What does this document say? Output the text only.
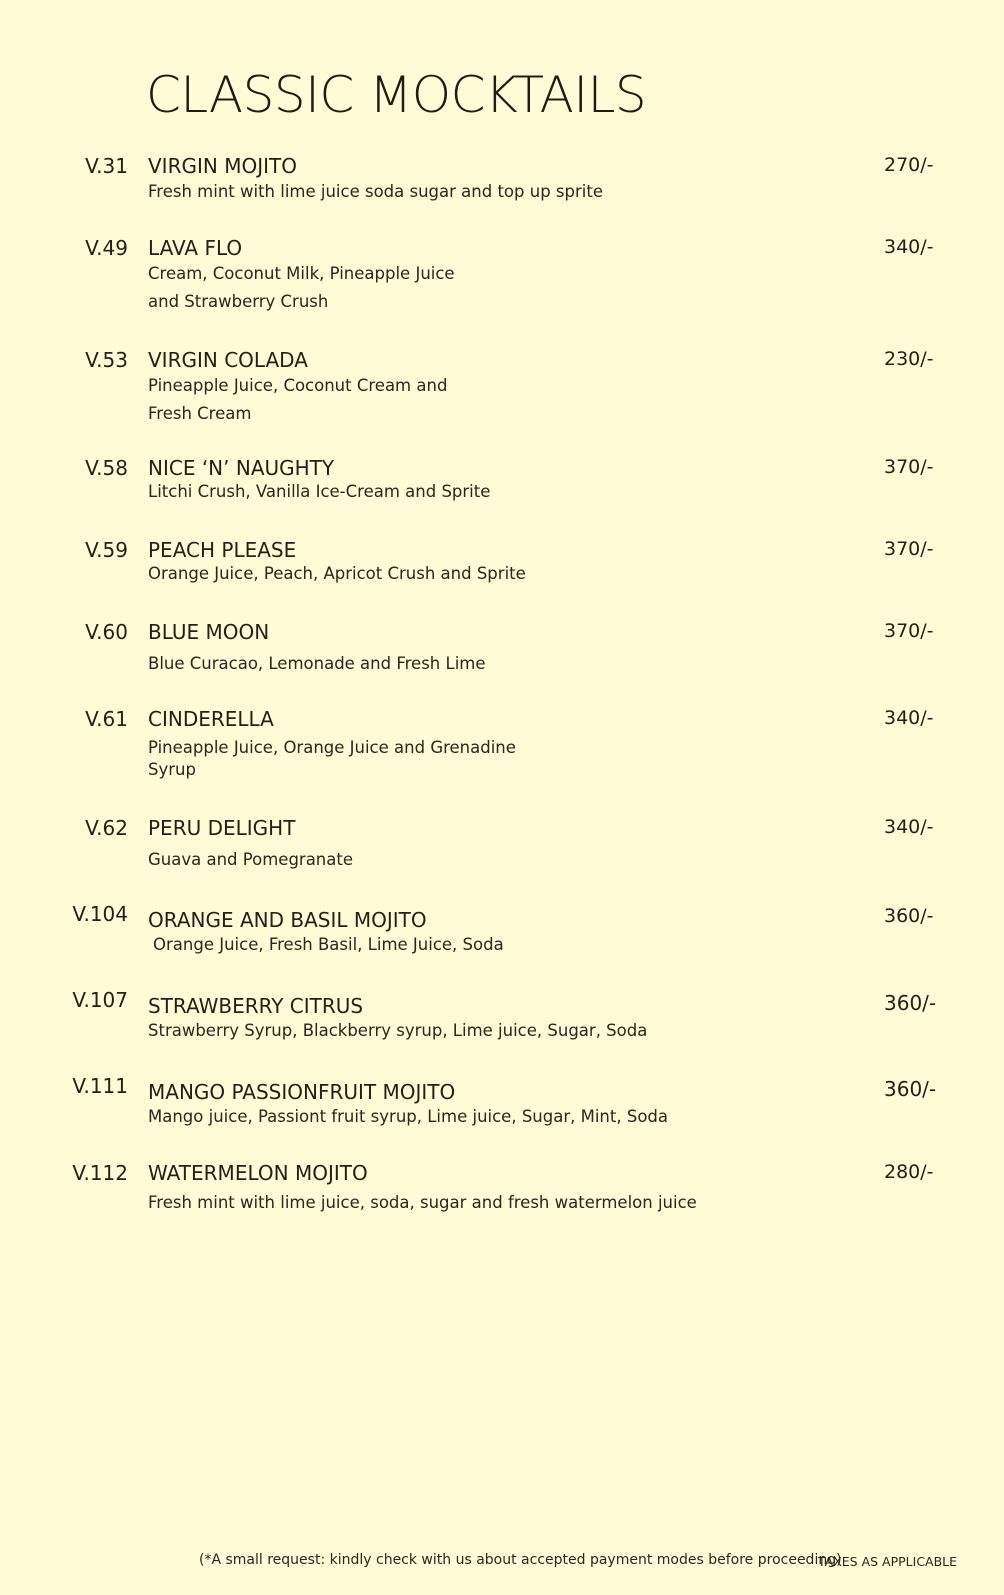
CLASSIC MOCKTAILS
V.31 VIRGIN MOJITO	270/-
Fresh mint with lime juice soda sugar and top up sprite
V.49 LAVA FLO	340/-
Cream, Coconut Milk, Pineapple Juice
and Strawberry Crush
V.53 VIRGIN COLADA	230/-
Pineapple Juice, Coconut Cream and
Fresh Cream
V.58 NICE ‘N’ NAUGHTY	370/-
Litchi Crush, Vanilla Ice-Cream and Sprite
V.59 PEACH PLEASE	370/-
Orange Juice, Peach, Apricot Crush and Sprite
V.60 BLUE MOON	370/-
Blue Curacao, Lemonade and Fresh Lime
V.61 CINDERELLA	340/-
Pineapple Juice, Orange Juice and Grenadine
Syrup
V.62 PERU DELIGHT	340/-
Guava and Pomegranate
V.104 ORANGE AND BASIL MOJITO	360/-
Orange Juice, Fresh Basil, Lime Juice, Soda
V.107 STRAWBERRY CITRUS	360/-
Strawberry Syrup, Blackberry syrup, Lime juice, Sugar, Soda
V.111 MANGO PASSIONFRUIT MOJITO	360/-
Mango juice, Passiont fruit syrup, Lime juice, Sugar, Mint, Soda
V.112 WATERMELON MOJITO	280/-
Fresh mint with lime juice, soda, sugar and fresh watermelon juice
(*A small request: kindly check with us about accepted payment modes before proceeding)
TAXES AS APPLICABLE
